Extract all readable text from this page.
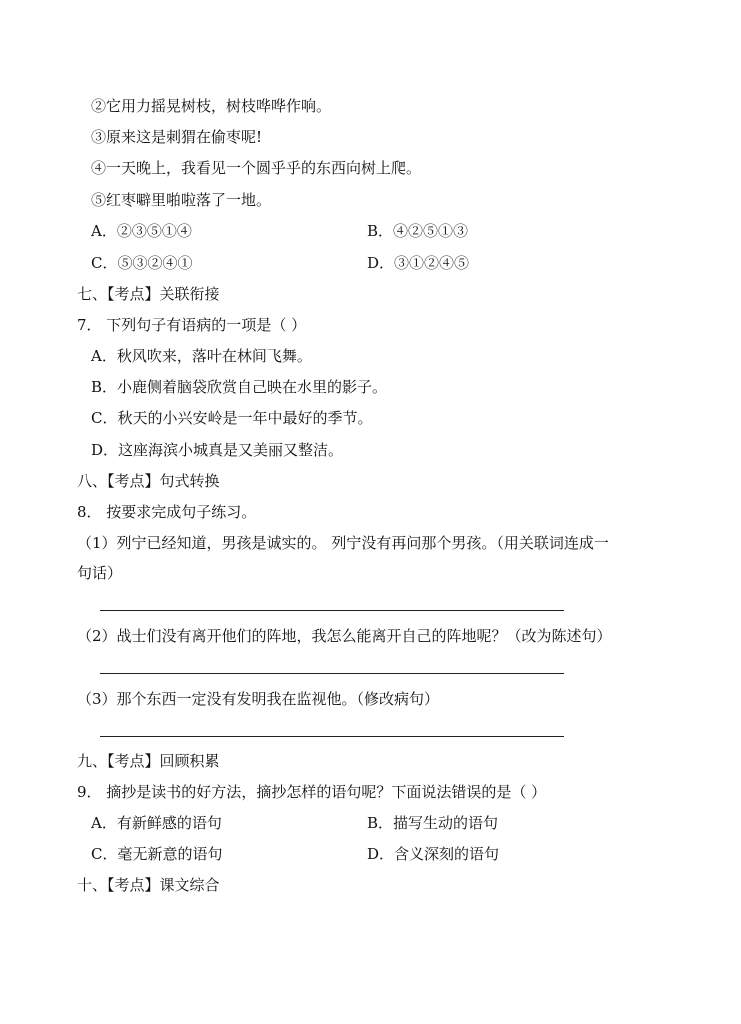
②它用力摇晃树枝，树枝哗哗作响。
③原来这是刺猬在偷枣呢!
④一天晚上，我看见一个圆乎乎的东西向树上爬。
⑤红枣噼里啪啦落了一地。
A．②③⑤①④	B．④②⑤①③
C．⑤③②④①	D．③①②④⑤
七、【考点】关联衔接
7． 下列句子有语病的一项是（ ）
A．秋风吹来，落叶在林间飞舞。
B．小鹿侧着脑袋欣赏自己映在水里的影子。
C．秋天的小兴安岭是一年中最好的季节。
D．这座海滨小城真是又美丽又整洁。
八、【考点】句式转换
8． 按要求完成句子练习。
（1）列宁已经知道，男孩是诚实的。 列宁没有再问那个男孩。（用关联词连成一
句话）
（2）战士们没有离开他们的阵地，我怎么能离开自己的阵地呢？（改为陈述句）
（3）那个东西一定没有发明我在监视他。（修改病句）
九、【考点】回顾积累
9． 摘抄是读书的好方法，摘抄怎样的语句呢？下面说法错误的是（ ）
A．有新鲜感的语句	B．描写生动的语句
C．毫无新意的语句	D．含义深刻的语句
十、【考点】课文综合
